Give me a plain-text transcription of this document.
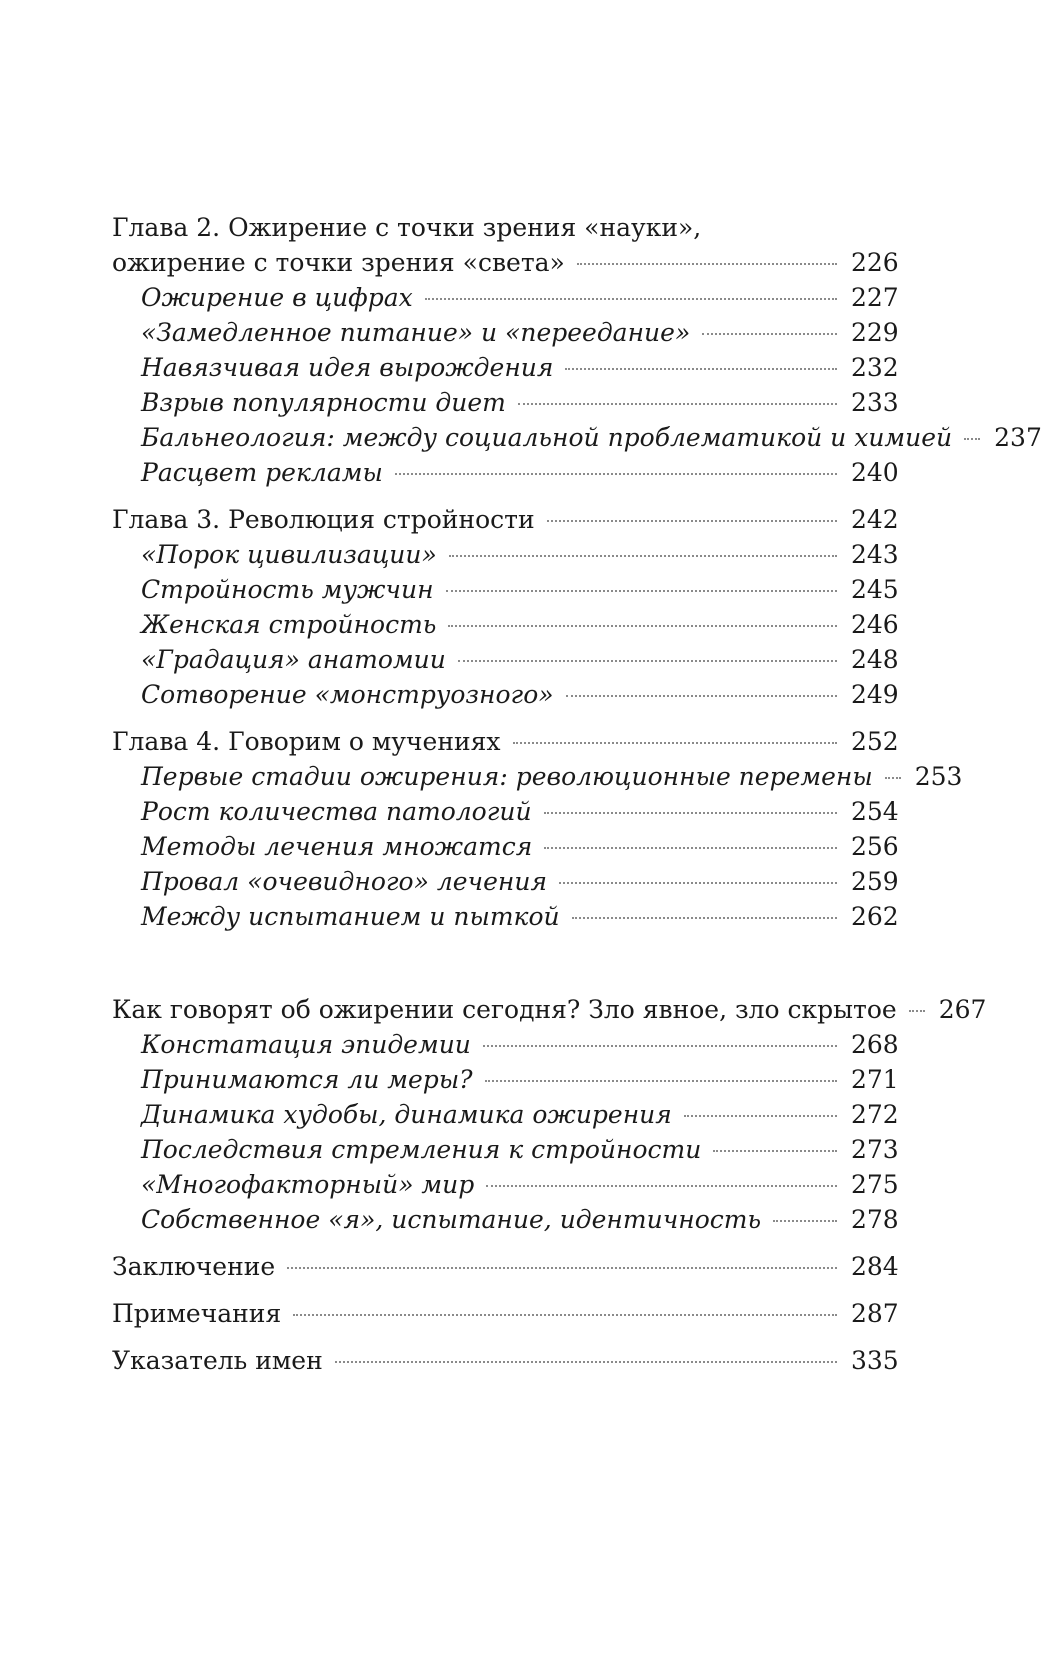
Глава 2. Ожирение с точки зрения «науки»,
ожирение с точки зрения «света»	226
Ожирение в цифрах	227
«Замедленное питание» и «переедание»	229
Навязчивая идея вырождения	232
Взрыв популярности диет	233
Бальнеология: между социальной проблематикой и химией 237
Расцвет рекламы	240
Глава 3. Революция стройности	242
«Порок цивилизации»	243
Стройность мужчин	245
Женская стройность	246
«Градация» анатомии	248
Сотворение «монструозного»	249
Глава 4. Говорим о мучениях	252
Первые стадии ожирения: революционные перемены 253
Рост количества патологий	254
Методы лечения множатся	256
Провал «очевидного» лечения	259
Между испытанием и пыткой	262
Как говорят об ожирении сегодня? Зло явное, зло скрытое 267
Констатация эпидемии	268
Принимаются ли меры?	271
Динамика худобы, динамика ожирения	272
Последствия стремления к стройности	273
«Многофакторный» мир	275
Собственное «я», испытание, идентичность	278
Заключение	284
Примечания	287
Указатель имен	335
